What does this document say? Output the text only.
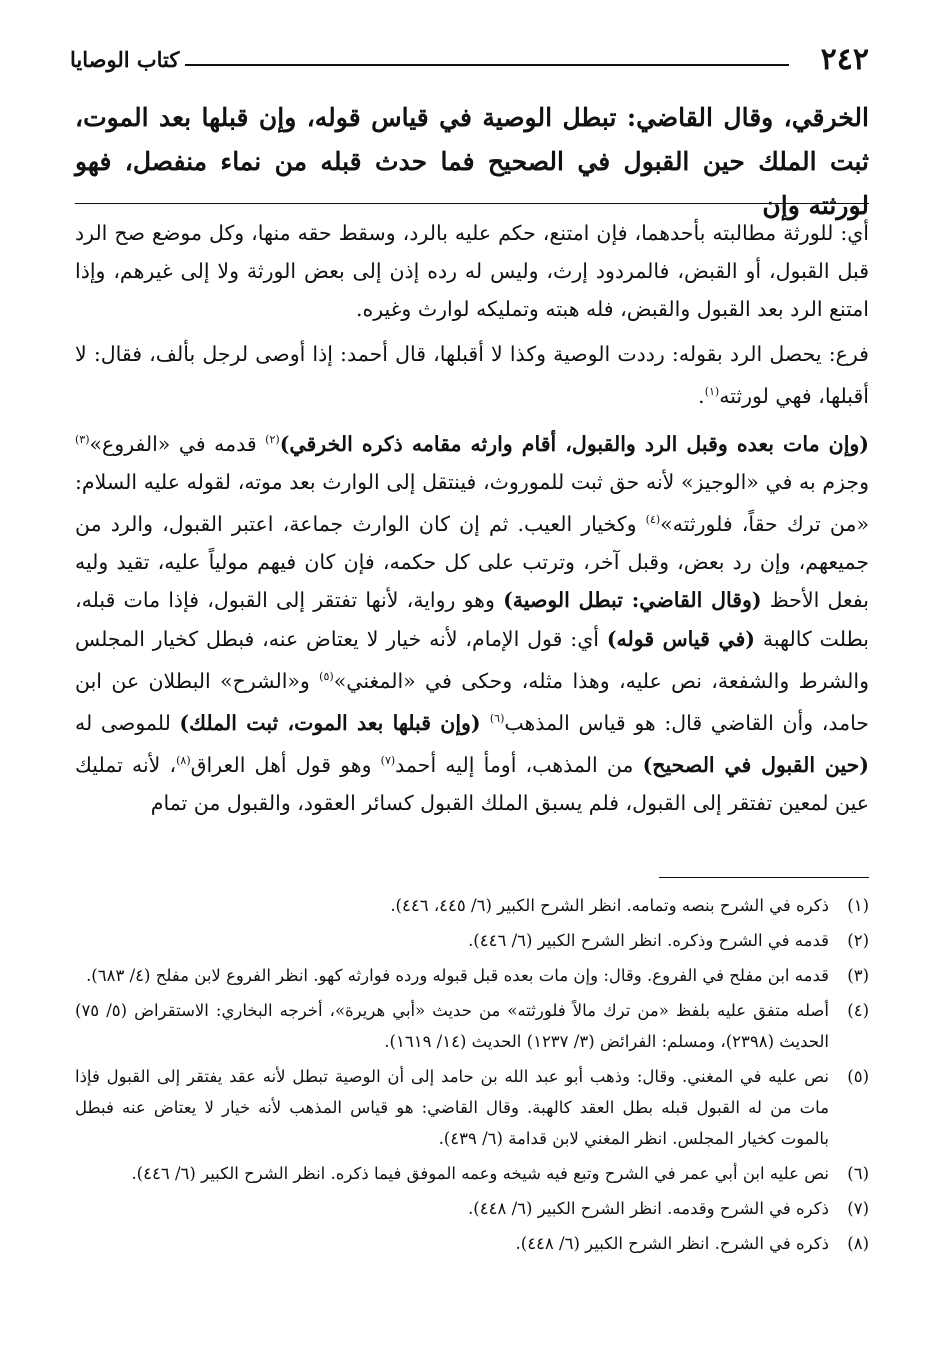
٢٤٢
كتاب الوصايا

الخرقي، وقال القاضي: تبطل الوصية في قياس قوله، وإن قبلها بعد الموت، ثبت الملك حين القبول في الصحيح فما حدث قبله من نماء منفصل، فهو لورثته وإن

أي: للورثة مطالبته بأحدهما، فإن امتنع، حكم عليه بالرد، وسقط حقه منها، وكل موضع صح الرد قبل القبول، أو القبض، فالمردود إرث، وليس له رده إذن إلى بعض الورثة ولا إلى غيرهم، وإذا امتنع الرد بعد القبول والقبض، فله هبته وتمليكه لوارث وغيره.

فرع: يحصل الرد بقوله: رددت الوصية وكذا لا أقبلها، قال أحمد: إذا أوصى لرجل بألف، فقال: لا أقبلها، فهي لورثته$^{(١)}$.

(وإن مات بعده وقبل الرد والقبول، أقام وارثه مقامه ذكره الخرقي)$^{(٢)}$ قدمه في «الفروع»$^{(٣)}$ وجزم به في «الوجيز» لأنه حق ثبت للموروث، فينتقل إلى الوارث بعد موته، لقوله عليه السلام: «من ترك حقاً، فلورثته»$^{(٤)}$ وكخيار العيب. ثم إن كان الوارث جماعة، اعتبر القبول، والرد من جميعهم، وإن رد بعض، وقبل آخر، وترتب على كل حكمه، فإن كان فيهم مولياً عليه، تقيد وليه بفعل الأحظ (وقال القاضي: تبطل الوصية) وهو رواية، لأنها تفتقر إلى القبول، فإذا مات قبله، بطلت كالهبة (في قياس قوله) أي: قول الإمام، لأنه خيار لا يعتاض عنه، فبطل كخيار المجلس والشرط والشفعة، نص عليه، وهذا مثله، وحكى في «المغني»$^{(٥)}$ و«الشرح» البطلان عن ابن حامد، وأن القاضي قال: هو قياس المذهب$^{(٦)}$ (وإن قبلها بعد الموت، ثبت الملك) للموصى له (حين القبول في الصحيح) من المذهب، أومأ إليه أحمد$^{(٧)}$ وهو قول أهل العراق$^{(٨)}$، لأنه تمليك عين لمعين تفتقر إلى القبول، فلم يسبق الملك القبول كسائر العقود، والقبول من تمام

(١)
ذكره في الشرح بنصه وتمامه. انظر الشرح الكبير (٦/ ٤٤٥، ٤٤٦).
(٢)
قدمه في الشرح وذكره. انظر الشرح الكبير (٦/ ٤٤٦).
(٣)
قدمه ابن مفلح في الفروع. وقال: وإن مات بعده قبل قبوله ورده فوارثه كهو. انظر الفروع لابن مفلح (٤/ ٦٨٣).
(٤)
أصله متفق عليه بلفظ «من ترك مالاً فلورثته» من حديث «أبي هريرة»، أخرجه البخاري: الاستقراض (٥/ ٧٥) الحديث (٢٣٩٨)، ومسلم: الفرائض (٣/ ١٢٣٧) الحديث (١٤/ ١٦١٩).
(٥)
نص عليه في المغني. وقال: وذهب أبو عبد الله بن حامد إلى أن الوصية تبطل لأنه عقد يفتقر إلى القبول فإذا مات من له القبول قبله بطل العقد كالهبة. وقال القاضي: هو قياس المذهب لأنه خيار لا يعتاض عنه فبطل بالموت كخيار المجلس. انظر المغني لابن قدامة (٦/ ٤٣٩).
(٦)
نص عليه ابن أبي عمر في الشرح وتبع فيه شيخه وعمه الموفق فيما ذكره. انظر الشرح الكبير (٦/ ٤٤٦).
(٧)
ذكره في الشرح وقدمه. انظر الشرح الكبير (٦/ ٤٤٨).
(٨)
ذكره في الشرح. انظر الشرح الكبير (٦/ ٤٤٨).
